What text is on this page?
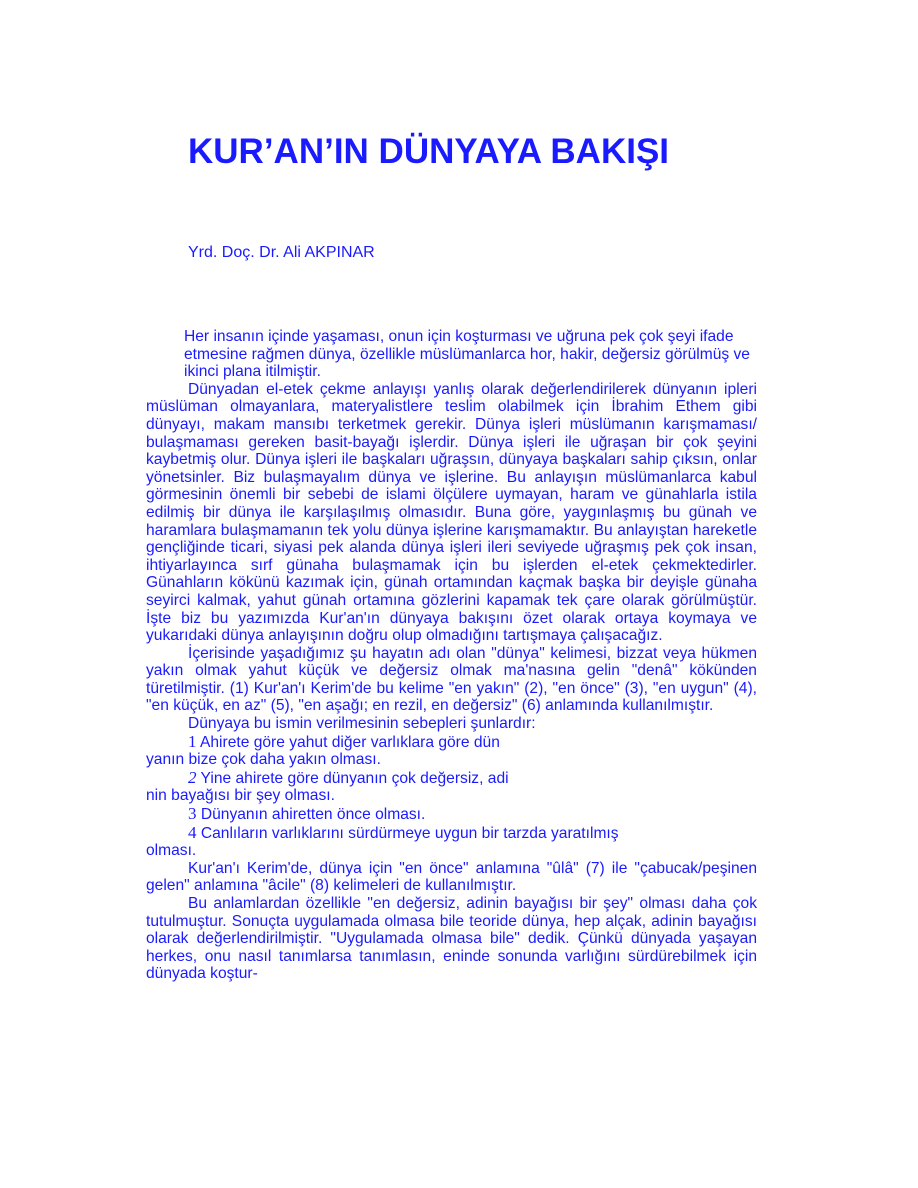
KUR’AN’IN DÜNYAYA BAKIŞI
Yrd. Doç. Dr. Ali AKPINAR

Her insanın içinde yaşaması, onun için koşturması ve uğruna pek çok şeyi ifade etmesine rağmen dünya, özellikle müslümanlarca hor, hakir, değersiz görülmüş ve ikinci plana itilmiştir.

Dünyadan el-etek çekme anlayışı yanlış olarak değerlendirilerek dünyanın ipleri müslüman olmayanlara, materyalistlere teslim olabilmek için İbrahim Ethem gibi dünyayı, makam mansıbı terketmek gerekir. Dünya işleri müslümanın karışmaması/ bulaşmaması gereken basit-bayağı işlerdir. Dünya işleri ile uğraşan bir çok şeyini kaybetmiş olur. Dünya işleri ile başkaları uğraşsın, dünyaya başkaları sahip çıksın, onlar yönetsinler. Biz bulaşmayalım dünya ve işlerine. Bu anlayışın müslümanlarca kabul görmesinin önemli bir sebebi de islami ölçülere uymayan, haram ve günahlarla istila edilmiş bir dünya ile karşılaşılmış olmasıdır. Buna göre, yaygınlaşmış bu günah ve haramlara bulaşmamanın tek yolu dünya işlerine karışmamaktır. Bu anlayıştan hareketle gençliğinde ticari, siyasi pek alanda dünya işleri ileri seviyede uğraşmış pek çok insan, ihtiyarlayınca sırf günaha bulaşmamak için bu işlerden el-etek çekmektedirler. Günahların kökünü kazımak için, günah ortamından kaçmak başka bir deyişle günaha seyirci kalmak, yahut günah ortamına gözlerini kapamak tek çare olarak görülmüştür. İşte biz bu yazımızda Kur'an'ın dünyaya bakışını özet olarak ortaya koymaya ve yukarıdaki dünya anlayışının doğru olup olmadığını tartışmaya çalışacağız.

İçerisinde yaşadığımız şu hayatın adı olan "dünya" kelimesi, bizzat veya hükmen yakın olmak yahut küçük ve değersiz olmak ma'nasına gelin "denâ" kökünden türetilmiştir. (1) Kur'an'ı Kerim'de bu kelime "en yakın" (2), "en önce" (3), "en uygun" (4), "en küçük, en az" (5), "en aşağı; en rezil, en değersiz" (6) anlamında kullanılmıştır.

Dünyaya bu ismin verilmesinin sebepleri şunlardır:

1 Ahirete göre yahut diğer varlıklara göre dün
yanın bize çok daha yakın olması.

2 Yine ahirete göre dünyanın çok değersiz, adi
nin bayağısı bir şey olması.

3 Dünyanın ahiretten önce olması.

4 Canlıların varlıklarını sürdürmeye uygun bir tarzda yaratılmış
olması.

Kur'an'ı Kerim'de, dünya için "en önce" anlamına "ûlâ" (7) ile "çabucak/peşinen gelen" anlamına "âcile" (8) kelimeleri de kullanılmıştır.

Bu anlamlardan özellikle "en değersiz, adinin bayağısı bir şey" olması daha çok tutulmuştur. Sonuçta uygulamada olmasa bile teoride dünya, hep alçak, adinin bayağısı olarak değerlendirilmiştir. "Uygulamada olmasa bile" dedik. Çünkü dünyada yaşayan herkes, onu nasıl tanımlarsa tanımlasın, eninde sonunda varlığını sürdürebilmek için dünyada koştur-
